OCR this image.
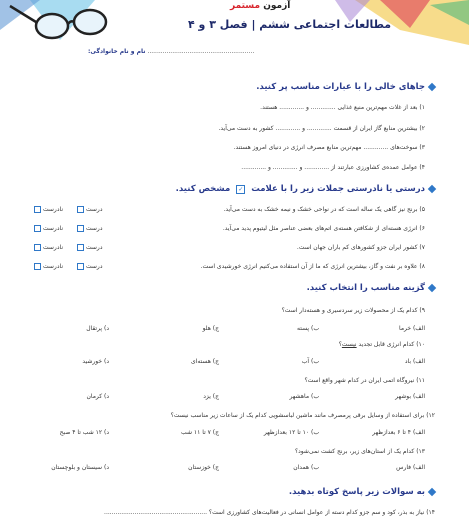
آزمون مستمر
مطالعات اجتماعی ششم | فصل ۳ و ۴
........................................................ نام و نام خانوادگی:
جاهای خالی را با عبارات مناسب پر کنید.
۱) بعد از غلات مهم‌ترین منبع غذایی ............. و ............. هستند.
۲) بیشترین منابع گاز ایران از قسمت ............. و ............. کشور به دست می‌آید.
۳) سوخت‌های ............. مهم‌ترین منابع مصرف انرژی در دنیای امروز هستند.
۴) عوامل عمده‌ی کشاورزی عبارتند از ............. و ............. و .............
درستی یا نادرستی جملات زیر را با علامت
✓
مشخص کنید.
۵) برنج نیز گاهی یک ساله است که در نواحی خشک و نیمه خشک به دست می‌آید.
۶) انرژی هسته‌ای از شکافتن هسته‌ی اتم‌های بعضی عناصر مثل لیتیوم پدید می‌آید.
۷) کشور ایران جزو کشورهای کم باران جهان است.
۸) علاوه بر نفت و گاز، بیشترین انرژی که ما از آن استفاده می‌کنیم انرژی خورشیدی است.
درست
نادرست
درست
نادرست
درست
نادرست
درست
نادرست
گزینه مناسب را انتخاب کنید.
۹) کدام یک از محصولات زیر سردسیری و هسته‌دار است؟
الف) خرما
ب) پسته
ج) هلو
د) پرتقال
۱۰) کدام انرژی قابل تجدید نیست؟
الف) باد
ب) آب
ج) هسته‌ای
د) خورشید
۱۱) نیروگاه اتمی ایران در کدام شهر واقع است؟
الف) بوشهر
ب) ماهشهر
ج) یزد
د) کرمان
۱۲) برای استفاده از وسایل برقی پرمصرف مانند ماشین لباسشویی کدام یک از ساعات زیر مناسب نیست؟
الف) ۴ تا ۶ بعدازظهر
ب) ۱۰ تا ۱۲ بعدازظهر
ج) ۷ تا ۱۱ شب
د) ۱۲ شب تا ۴ صبح
۱۳) کدام یک از استان‌های زیر، برنج کشت نمی‌شود؟
الف) فارس
ب) همدان
ج) خوزستان
د) سیستان و بلوچستان
به سوالات زیر پاسخ کوتاه بدهید.
۱۴) نیاز به بذر، کود و سم جزو کدام دسته از عوامل انسانی در فعالیت‌های کشاورزی است؟ ......................................................
